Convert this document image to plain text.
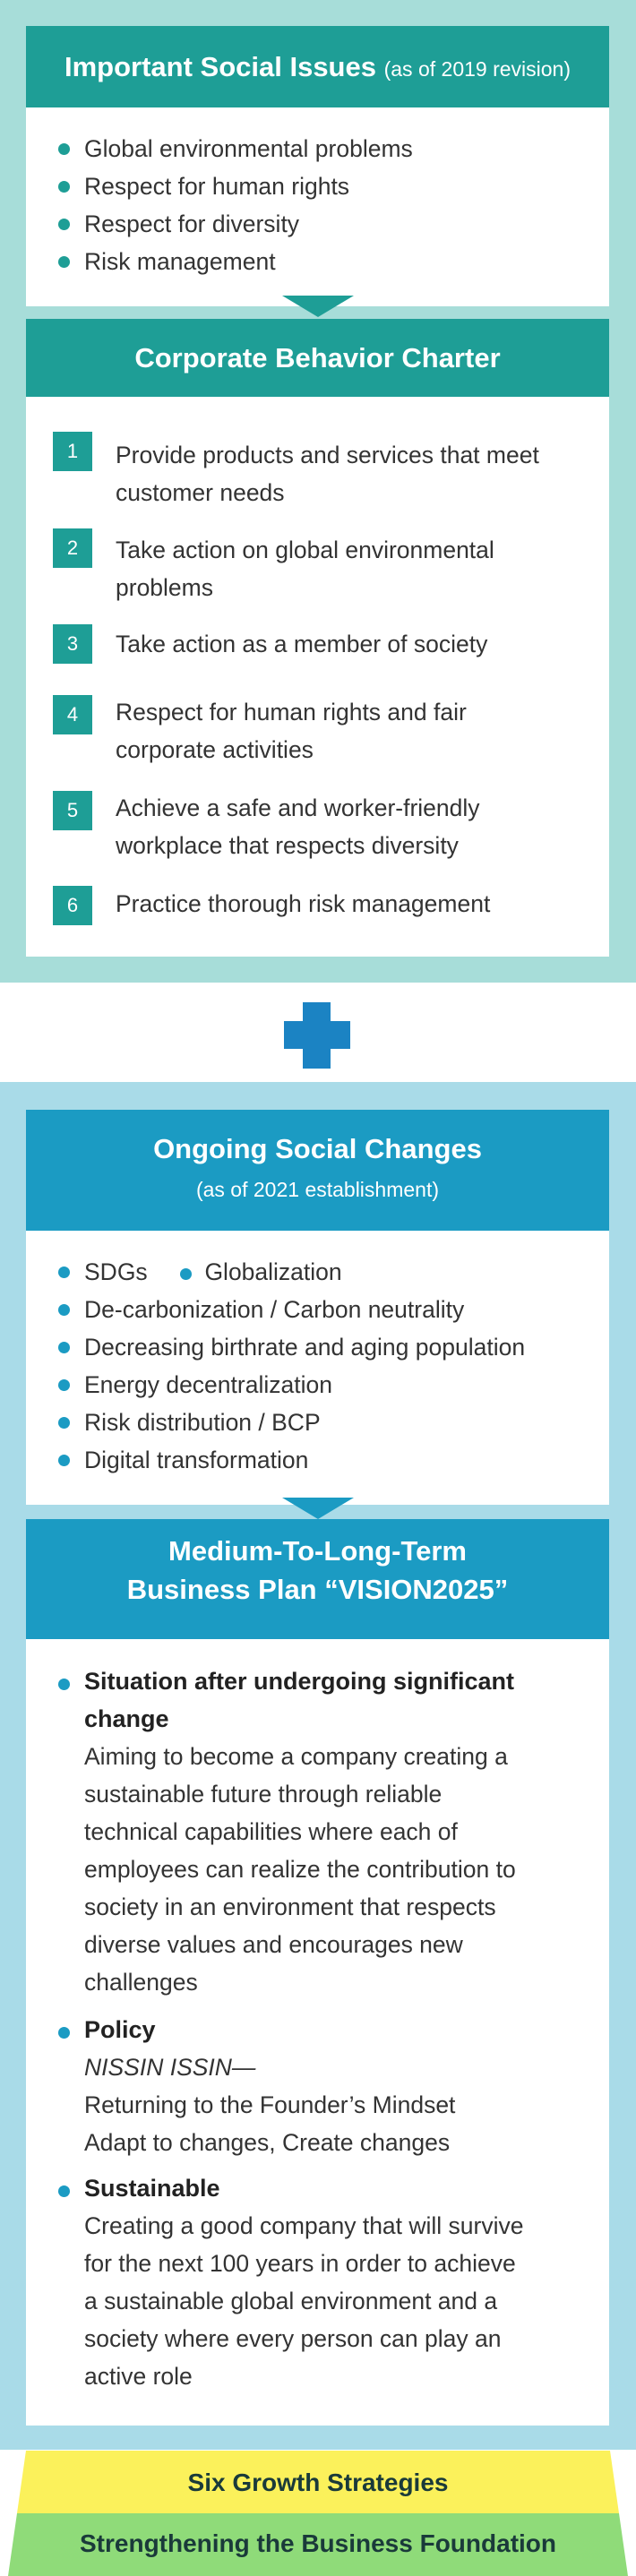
Important Social Issues (as of 2019 revision)
Global environmental problems
Respect for human rights
Respect for diversity
Risk management
Corporate Behavior Charter
1	Provide products and services that meet
customer needs
2	Take action on global environmental
problems
3	Take action as a member of society
4	Respect for human rights and fair
corporate activities
5	Achieve a safe and worker-friendly
workplace that respects diversity
6	Practice thorough risk management
Ongoing Social Changes
(as of 2021 establishment)
SDGs Globalization
De-carbonization / Carbon neutrality
Decreasing birthrate and aging population
Energy decentralization
Risk distribution / BCP
Digital transformation
Medium-To-Long-Term
Business Plan “VISION2025”
Situation after undergoing significant
change
Aiming to become a company creating a
sustainable future through reliable
technical capabilities where each of
employees can realize the contribution to
society in an environment that respects
diverse values and encourages new
challenges
Policy
NISSIN ISSIN—
Returning to the Founder’s Mindset
Adapt to changes, Create changes
Sustainable
Creating a good company that will survive
for the next 100 years in order to achieve
a sustainable global environment and a
society where every person can play an
active role
Six Growth Strategies
Strengthening the Business Foundation
